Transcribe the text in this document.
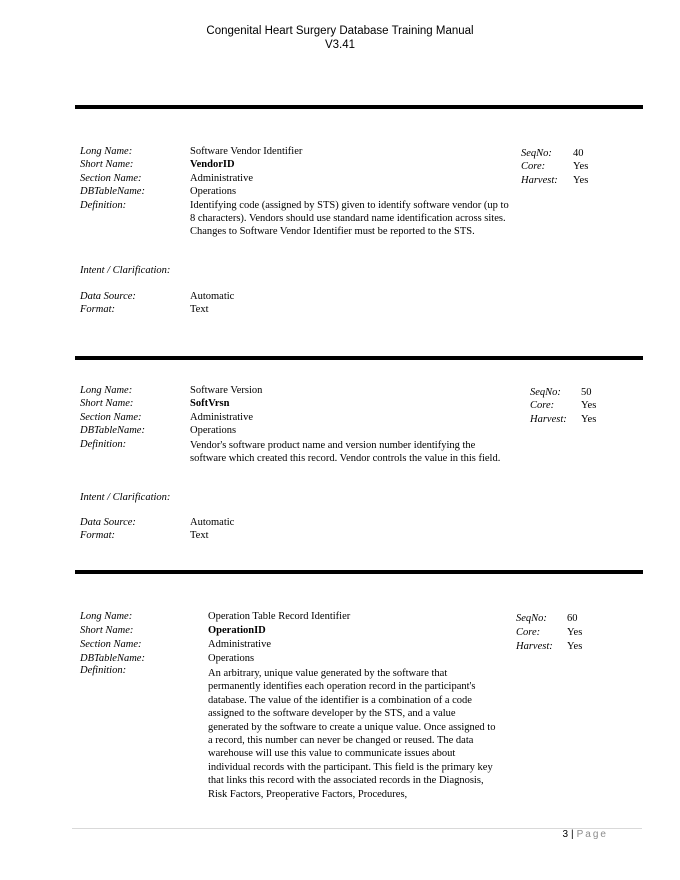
Congenital Heart Surgery Database Training Manual
V3.41
Long Name:	Software Vendor Identifier
Short Name:	VendorID
Section Name:	Administrative
DBTableName:	Operations
Definition:	Identifying code (assigned by STS) given to identify software vendor (up to 8 characters). Vendors should use standard name identification across sites. Changes to Software Vendor Identifier must be reported to the STS.
Intent / Clarification:
Data Source:	Automatic
Format:	Text
SeqNo: 40
Core:	Yes
Harvest: Yes
Long Name:	Software Version
Short Name:	SoftVrsn
Section Name:	Administrative
DBTableName:	Operations
Definition:	Vendor's software product name and version number identifying the software which created this record. Vendor controls the value in this field.
Intent / Clarification:
Data Source:	Automatic
Format:	Text
SeqNo: 50
Core:	Yes
Harvest: Yes
Long Name:	Operation Table Record Identifier
Short Name:	OperationID
Section Name:	Administrative
DBTableName:	Operations
Definition:	An arbitrary, unique value generated by the software that permanently identifies each operation record in the participant's database. The value of the identifier is a combination of a code assigned to the software developer by the STS, and a value generated by the software to create a unique value. Once assigned to a record, this number can never be changed or reused. The data warehouse will use this value to communicate issues about individual records with the participant. This field is the primary key that links this record with the associated records in the Diagnosis, Risk Factors, Preoperative Factors, Procedures,
SeqNo: 60
Core:	Yes
Harvest: Yes
3 | Page
